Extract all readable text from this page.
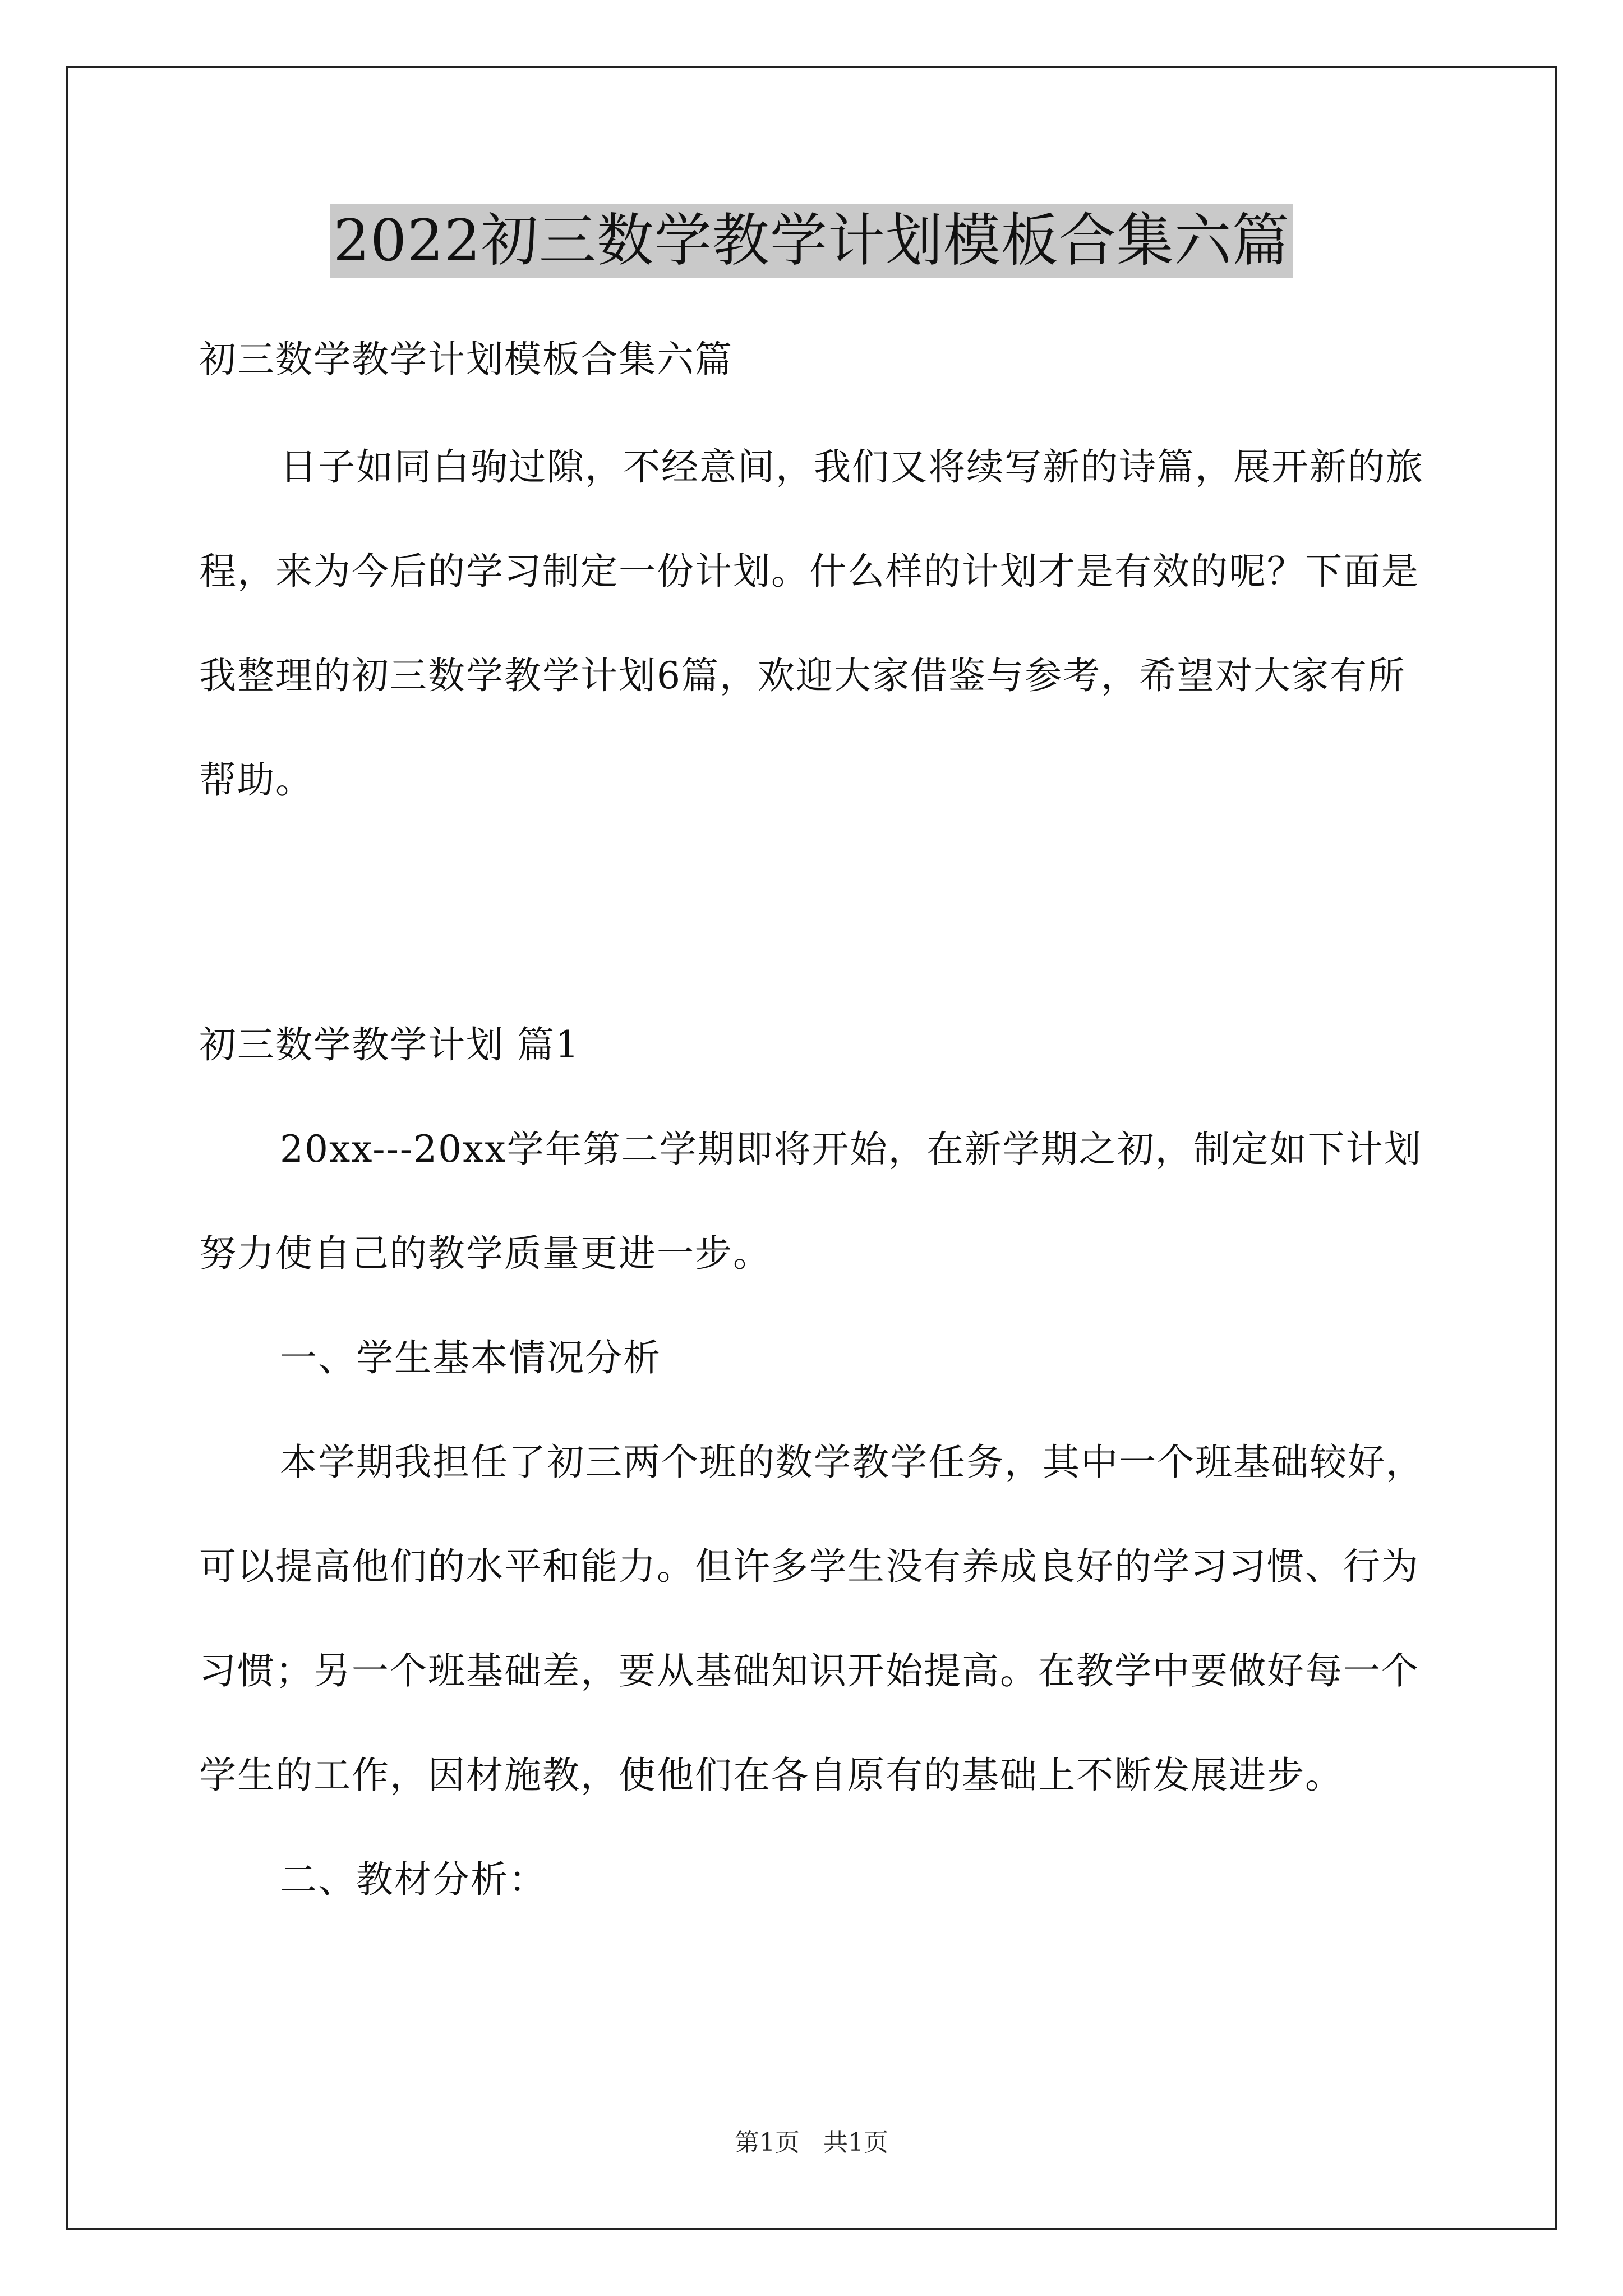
2022初三数学教学计划模板合集六篇

初三数学教学计划模板合集六篇

日子如同白驹过隙，不经意间，我们又将续写新的诗篇，展开新的旅程，来为今后的学习制定一份计划。什么样的计划才是有效的呢？下面是我整理的初三数学教学计划6篇，欢迎大家借鉴与参考，希望对大家有所帮助。

初三数学教学计划 篇1

20xx---20xx学年第二学期即将开始，在新学期之初，制定如下计划努力使自己的教学质量更进一步。

一、学生基本情况分析

本学期我担任了初三两个班的数学教学任务，其中一个班基础较好，可以提高他们的水平和能力。但许多学生没有养成良好的学习习惯、行为习惯；另一个班基础差，要从基础知识开始提高。在教学中要做好每一个学生的工作，因材施教，使他们在各自原有的基础上不断发展进步。

二、教材分析：

第1页   共1页
